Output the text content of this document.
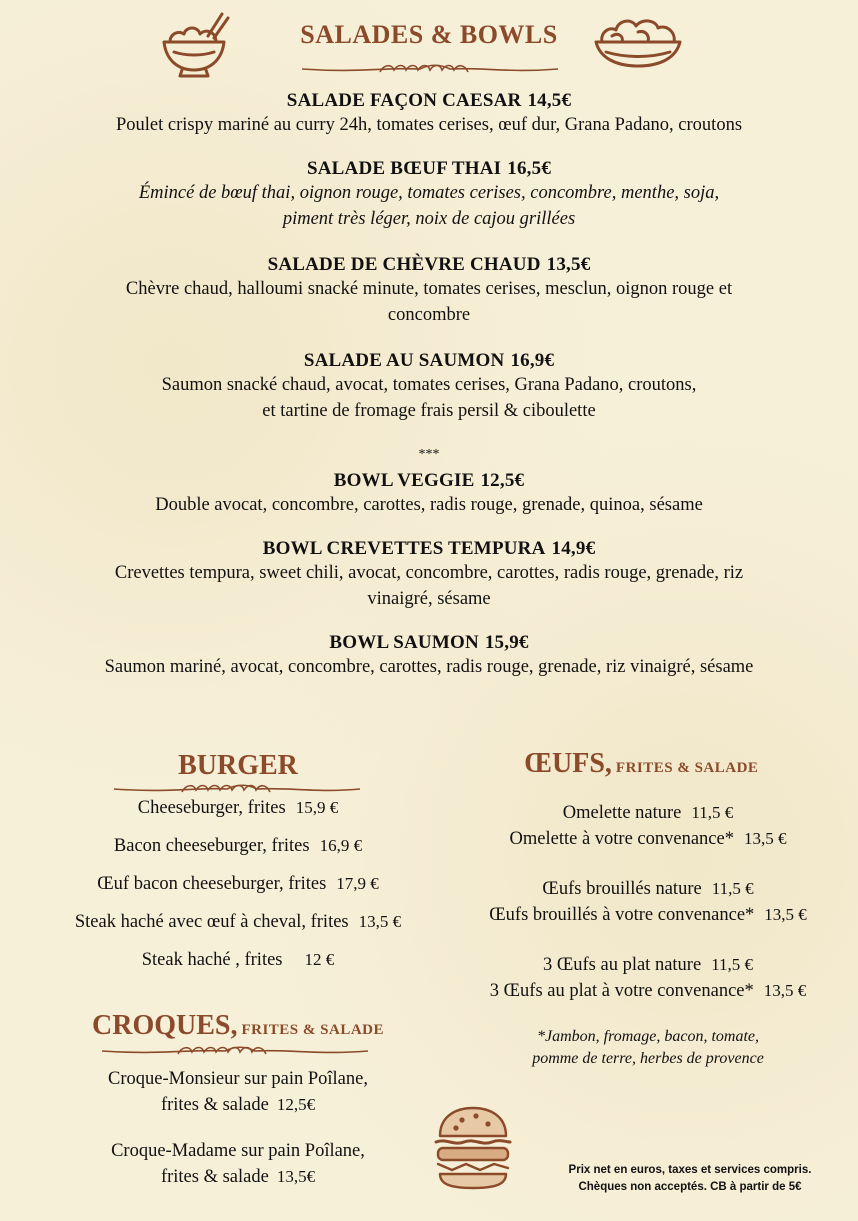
SALADES & BOWLS
SALADE FAÇON CAESAR 14,5€
Poulet crispy mariné au curry 24h, tomates cerises, œuf dur, Grana Padano, croutons
SALADE BŒUF THAI 16,5€
Émincé de bœuf thai, oignon rouge, tomates cerises, concombre, menthe, soja,
piment très léger, noix de cajou grillées
SALADE DE CHÈVRE CHAUD 13,5€
Chèvre chaud, halloumi snacké minute, tomates cerises, mesclun, oignon rouge et
concombre
SALADE AU SAUMON 16,9€
Saumon snacké chaud, avocat, tomates cerises, Grana Padano, croutons,
et tartine de fromage frais persil & ciboulette
***
BOWL VEGGIE 12,5€
Double avocat, concombre, carottes, radis rouge, grenade, quinoa, sésame
BOWL CREVETTES TEMPURA 14,9€
Crevettes tempura, sweet chili, avocat, concombre, carottes, radis rouge, grenade, riz
vinaigré, sésame
BOWL SAUMON 15,9€
Saumon mariné, avocat, concombre, carottes, radis rouge, grenade, riz vinaigré, sésame
BURGER
Cheeseburger, frites 15,9 €
Bacon cheeseburger, frites 16,9 €
Œuf bacon cheeseburger, frites 17,9 €
Steak haché avec œuf à cheval, frites 13,5 €
Steak haché , frites 12 €
CROQUES, FRITES & SALADE
Croque-Monsieur sur pain Poîlane,
frites & salade 12,5€
Croque-Madame sur pain Poîlane,
frites & salade 13,5€
ŒUFS, FRITES & SALADE
Omelette nature 11,5 €
Omelette à votre convenance* 13,5 €
Œufs brouillés nature 11,5 €
Œufs brouillés à votre convenance* 13,5 €
3 Œufs au plat nature 11,5 €
3 Œufs au plat à votre convenance* 13,5 €
*Jambon, fromage, bacon, tomate,
pomme de terre, herbes de provence
Prix net en euros, taxes et services compris.
Chèques non acceptés. CB à partir de 5€
